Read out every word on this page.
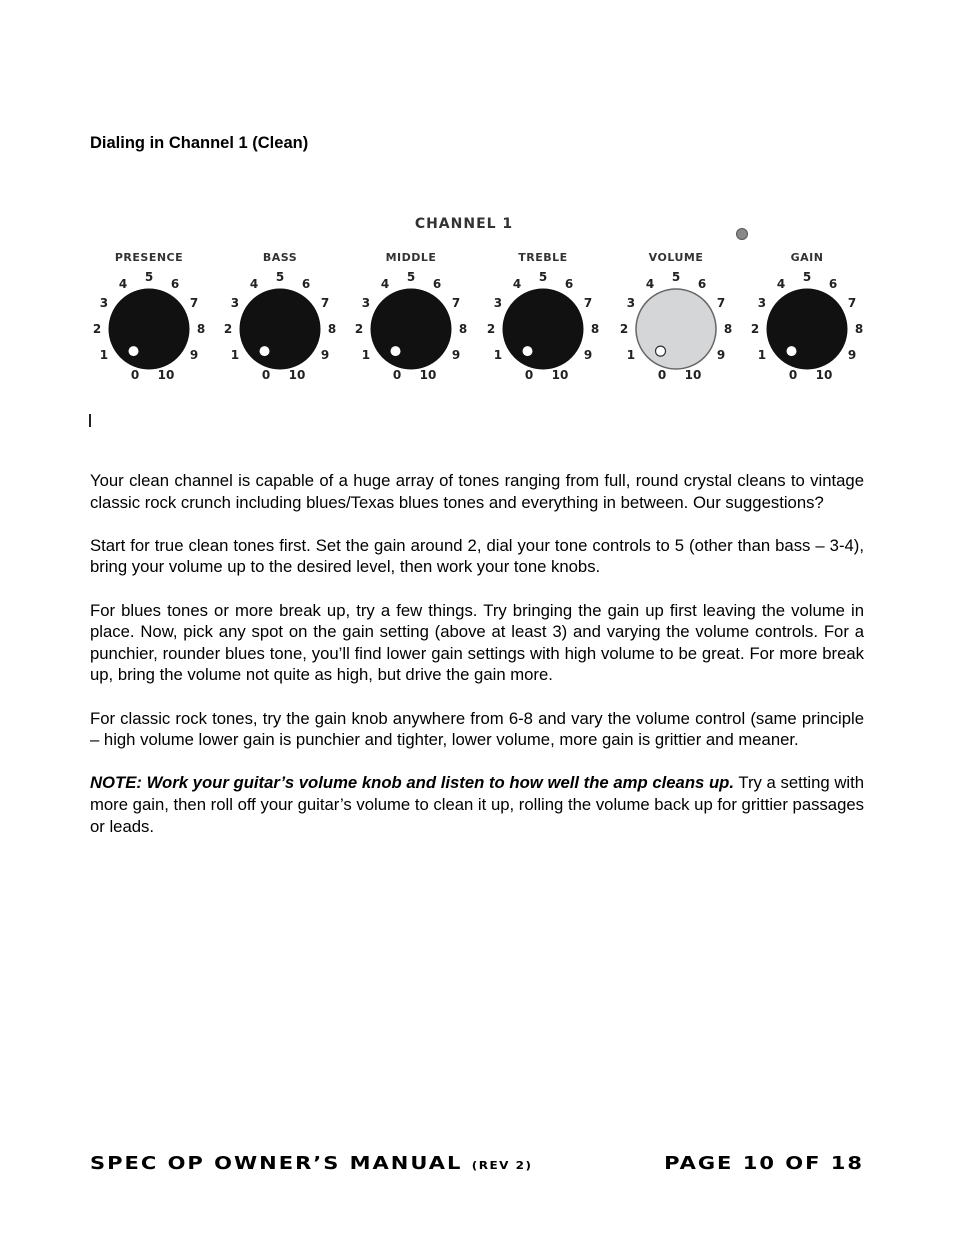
Dialing in Channel 1 (Clean)
CHANNEL 1
PRESENCE
0
1
2
3
4 5 6
7
8
9
10
BASS
0
1
2
3
4 5 6
7
8
9
10
MIDDLE
0
1
2
3
4 5 6
7
8
9
10
TREBLE
0
1
2
3
4 5 6
7
8
9
10
VOLUME
0
1
2
3
4 5 6
7
8
9
10
GAIN
0
1
2
3
4 5 6
7
8
9
10

Your clean channel is capable of a huge array of tones ranging from full, round crystal cleans to vintage classic rock crunch including blues/Texas blues tones and everything in between. Our suggestions?

Start for true clean tones first. Set the gain around 2, dial your tone controls to 5 (other than bass – 3-4), bring your volume up to the desired level, then work your tone knobs.

For blues tones or more break up, try a few things. Try bringing the gain up first leaving the volume in place. Now, pick any spot on the gain setting (above at least 3) and varying the volume controls. For a punchier, rounder blues tone, you’ll find lower gain settings with high volume to be great. For more break up, bring the volume not quite as high, but drive the gain more.

For classic rock tones, try the gain knob anywhere from 6-8 and vary the volume control (same principle – high volume lower gain is punchier and tighter, lower volume, more gain is grittier and meaner.

NOTE: Work your guitar’s volume knob and listen to how well the amp cleans up. Try a setting with more gain, then roll off your guitar’s volume to clean it up, rolling the volume back up for grittier passages or leads.

SPEC OP OWNER’S MANUAL (REV 2)	PAGE 10 OF 18
